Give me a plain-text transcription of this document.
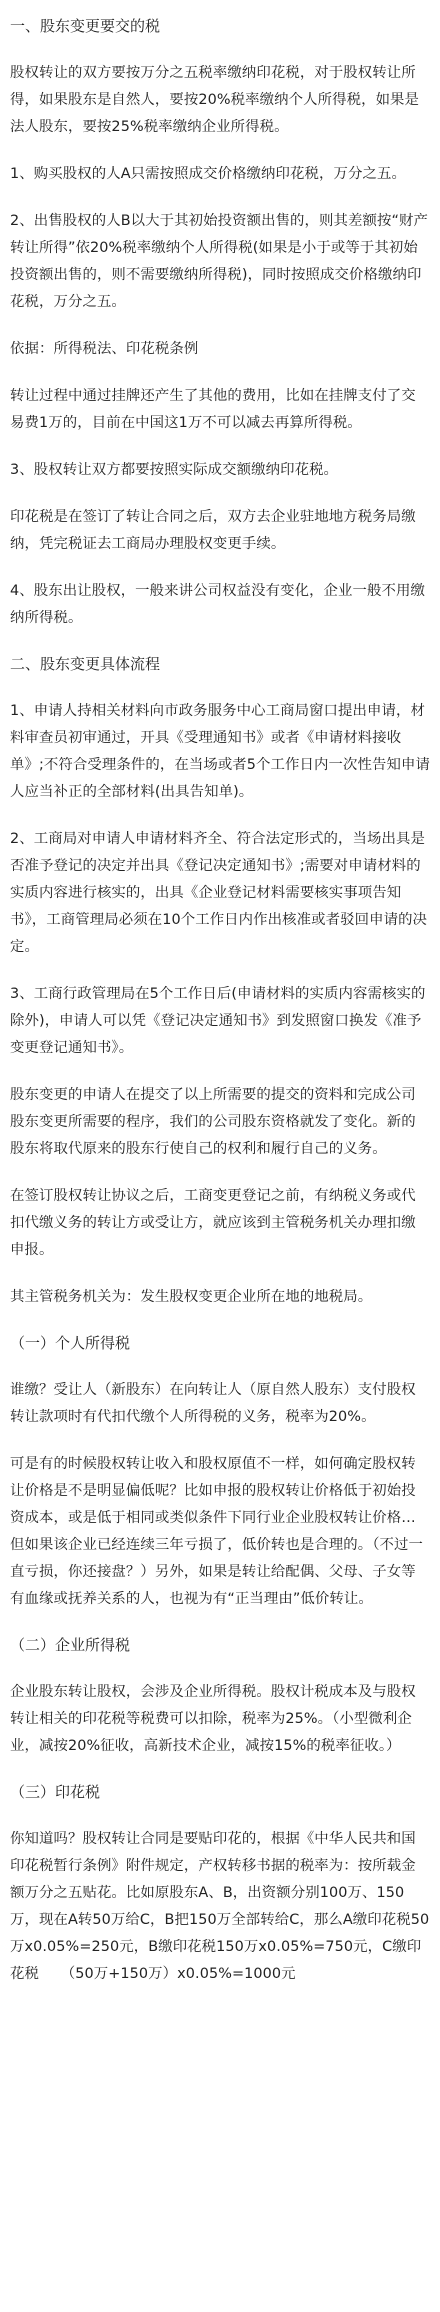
一、股东变更要交的税
股权转让的双方要按万分之五税率缴纳印花税，对于股权转让所得，如果股东是自然人，要按20%税率缴纳个人所得税，如果是法人股东，要按25%税率缴纳企业所得税。
1、购买股权的人A只需按照成交价格缴纳印花税，万分之五。
2、出售股权的人B以大于其初始投资额出售的，则其差额按“财产转让所得”依20%税率缴纳个人所得税(如果是小于或等于其初始投资额出售的，则不需要缴纳所得税)，同时按照成交价格缴纳印花税，万分之五。
依据：所得税法、印花税条例
转让过程中通过挂牌还产生了其他的费用，比如在挂牌支付了交易费1万的，目前在中国这1万不可以减去再算所得税。
3、股权转让双方都要按照实际成交额缴纳印花税。
印花税是在签订了转让合同之后，双方去企业驻地地方税务局缴纳，凭完税证去工商局办理股权变更手续。
4、股东出让股权，一般来讲公司权益没有变化，企业一般不用缴纳所得税。
二、股东变更具体流程
1、申请人持相关材料向市政务服务中心工商局窗口提出申请，材料审查员初审通过，开具《受理通知书》或者《申请材料接收单》;不符合受理条件的，在当场或者5个工作日内一次性告知申请人应当补正的全部材料(出具告知单)。
2、工商局对申请人申请材料齐全、符合法定形式的，当场出具是否准予登记的决定并出具《登记决定通知书》;需要对申请材料的实质内容进行核实的，出具《企业登记材料需要核实事项告知书》，工商管理局必须在10个工作日内作出核准或者驳回申请的决定。
3、工商行政管理局在5个工作日后(申请材料的实质内容需核实的除外)，申请人可以凭《登记决定通知书》到发照窗口换发《准予变更登记通知书》。
股东变更的申请人在提交了以上所需要的提交的资料和完成公司股东变更所需要的程序，我们的公司股东资格就发了变化。新的股东将取代原来的股东行使自己的权利和履行自己的义务。
在签订股权转让协议之后，工商变更登记之前，有纳税义务或代扣代缴义务的转让方或受让方，就应该到主管税务机关办理扣缴申报。
其主管税务机关为：发生股权变更企业所在地的地税局。
（一）个人所得税
谁缴？受让人（新股东）在向转让人（原自然人股东）支付股权转让款项时有代扣代缴个人所得税的义务，税率为20%。
可是有的时候股权转让收入和股权原值不一样，如何确定股权转让价格是不是明显偏低呢？比如申报的股权转让价格低于初始投资成本，或是低于相同或类似条件下同行业企业股权转让价格…但如果该企业已经连续三年亏损了，低价转也是合理的。（不过一直亏损，你还接盘？）另外，如果是转让给配偶、父母、子女等有血缘或抚养关系的人，也视为有“正当理由”低价转让。
（二）企业所得税
企业股东转让股权，会涉及企业所得税。股权计税成本及与股权转让相关的印花税等税费可以扣除，税率为25%。（小型微利企业，减按20%征收，高新技术企业，减按15%的税率征收。）
（三）印花税
你知道吗？股权转让合同是要贴印花的，根据《中华人民共和国印花税暂行条例》附件规定，产权转移书据的税率为：按所载金额万分之五贴花。比如原股东A、B，出资额分别100万、150万，现在A转50万给C，B把150万全部转给C，那么A缴印花税50万x0.05%=250元，B缴印花税150万x0.05%=750元，C缴印花税　　（50万+150万）x0.05%=1000元
